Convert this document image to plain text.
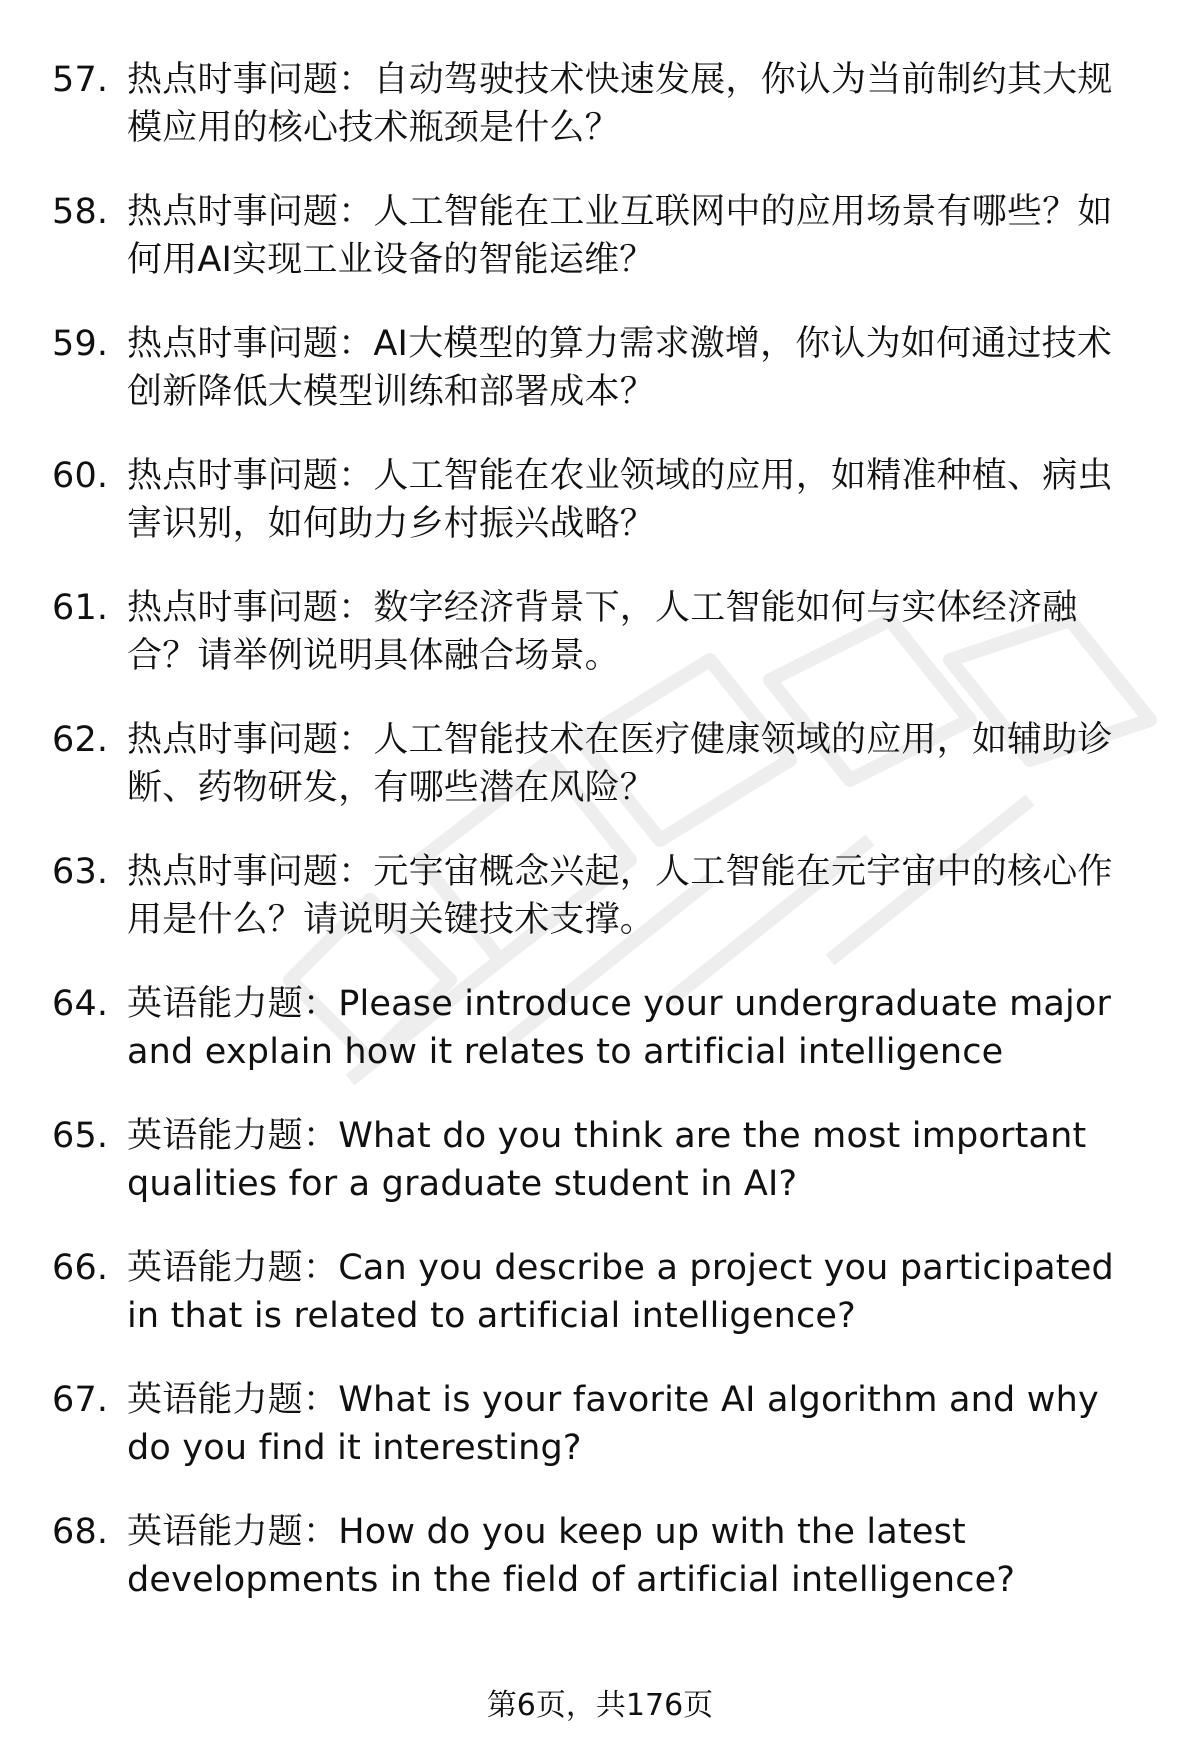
57. 热点时事问题：自动驾驶技术快速发展，你认为当前制约其大规模应用的核心技术瓶颈是什么？
58. 热点时事问题：人工智能在工业互联网中的应用场景有哪些？如何用AI实现工业设备的智能运维？
59. 热点时事问题：AI大模型的算力需求激增，你认为如何通过技术创新降低大模型训练和部署成本？
60. 热点时事问题：人工智能在农业领域的应用，如精准种植、病虫害识别，如何助力乡村振兴战略？
61. 热点时事问题：数字经济背景下，人工智能如何与实体经济融合？请举例说明具体融合场景。
62. 热点时事问题：人工智能技术在医疗健康领域的应用，如辅助诊断、药物研发，有哪些潜在风险？
63. 热点时事问题：元宇宙概念兴起，人工智能在元宇宙中的核心作用是什么？请说明关键技术支撑。
64. 英语能力题：Please introduce your undergraduate major and explain how it relates to artificial intelligence
65. 英语能力题：What do you think are the most important qualities for a graduate student in AI?
66. 英语能力题：Can you describe a project you participated in that is related to artificial intelligence?
67. 英语能力题：What is your favorite AI algorithm and why do you find it interesting?
68. 英语能力题：How do you keep up with the latest developments in the field of artificial intelligence?
第6页，共176页
